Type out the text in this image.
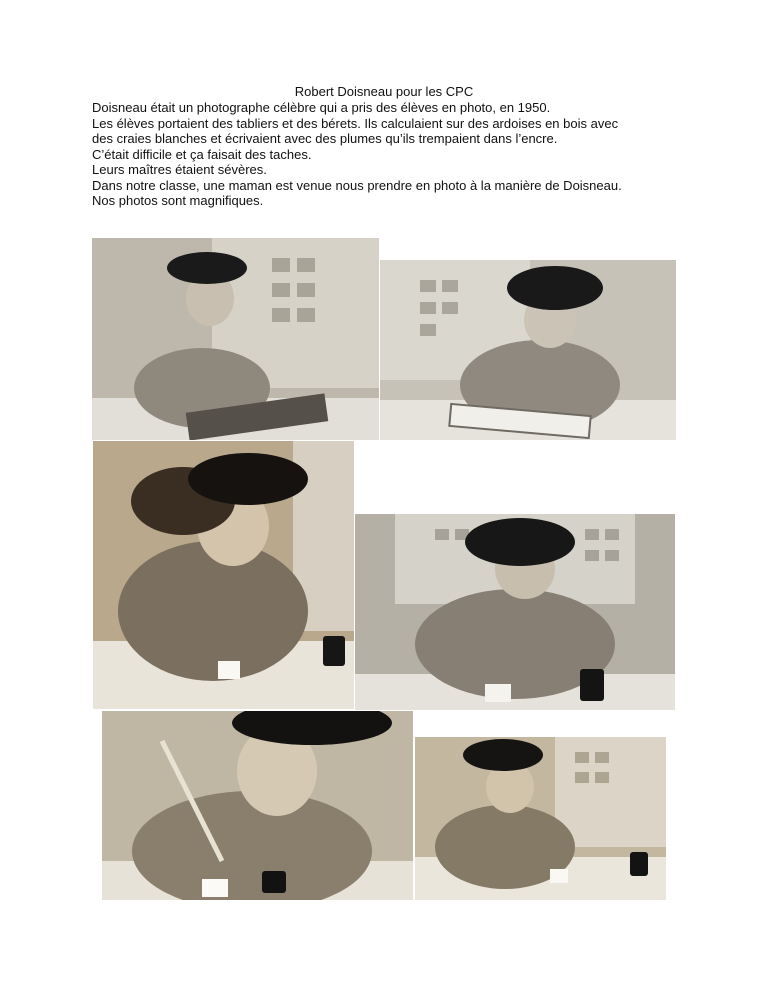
Robert Doisneau pour les CPC
Doisneau était un photographe célèbre qui a pris des élèves en photo, en 1950.
Les élèves portaient des tabliers et des bérets. Ils calculaient sur des ardoises en bois avec
des craies blanches et écrivaient avec des plumes qu’ils trempaient dans l’encre.
C’était difficile et ça faisait des taches.
Leurs maîtres étaient sévères.
Dans notre classe, une maman est venue nous prendre en photo à la manière de Doisneau.
Nos photos sont magnifiques.
